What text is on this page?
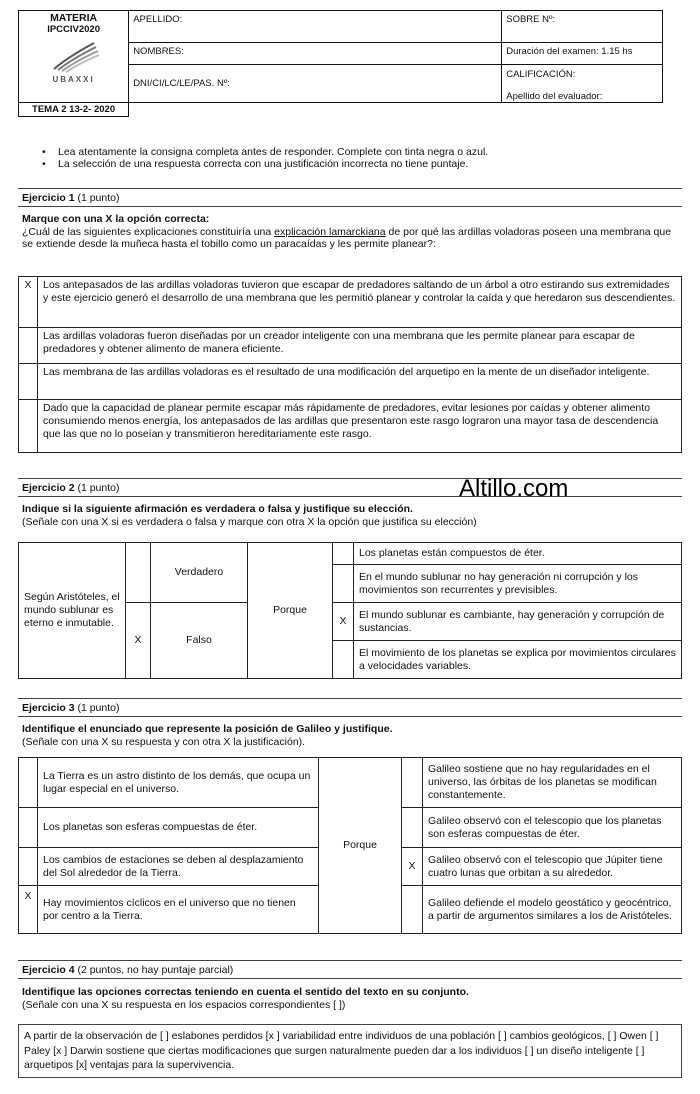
MATERIA
IPCCIV2020
UBAXXI	APELLIDO:	SOBRE Nº:
	NOMBRES:	Duración del examen: 1.15 hs
	DNI/CI/LC/LE/PAS. Nº:	CALIFICACIÓN:
Apellido del evaluador:

TEMA 2 13-2- 2020		
• Lea atentamente la consigna completa antes de responder. Complete con tinta negra o azul.
• La selección de una respuesta correcta con una justificación incorrecta no tiene puntaje.
Ejercicio 1 (1 punto)
Marque con una X la opción correcta:
¿Cuál de las siguientes explicaciones constituiría una explicación lamarckiana de por qué las ardillas voladoras poseen una membrana que se extiende desde la muñeca hasta el tobillo como un paracaídas y les permite planear?:
X	Los antepasados de las ardillas voladoras tuvieron que escapar de predadores saltando de un árbol a otro estirando sus extremidades y este ejercicio generó el desarrollo de una membrana que les permitió planear y controlar la caída y que heredaron sus descendientes.
	Las ardillas voladoras fueron diseñadas por un creador inteligente con una membrana que les permite planear para escapar de predadores y obtener alimento de manera eficiente.
	Las membrana de las ardillas voladoras es el resultado de una modificación del arquetipo en la mente de un diseñador inteligente.
	Dado que la capacidad de planear permite escapar más rápidamente de predadores, evitar lesiones por caídas y obtener alimento consumiendo menos energía, los antepasados de las ardillas que presentaron este rasgo lograron una mayor tasa de descendencia que las que no lo poseían y transmitieron hereditariamente este rasgo.
Ejercicio 2 (1 punto)	Altillo.com
Indique si la siguiente afirmación es verdadera o falsa y justifique su elección.
(Señale con una X si es verdadera o falsa y marque con otra X la opción que justifica su elección)
Según Aristóteles, el mundo sublunar es eterno e inmutable.		Verdadero	Porque		Los planetas están compuestos de éter.
					En el mundo sublunar no hay generación ni corrupción y los movimientos son recurrentes y previsibles.
	X	Falso		X	El mundo sublunar es cambiante, hay generación y corrupción de sustancias.
					El movimiento de los planetas se explica por movimientos circulares a velocidades variables.
Ejercicio 3 (1 punto)
Identifique el enunciado que represente la posición de Galileo y justifique.
(Señale con una X su respuesta y con otra X la justificación).
	La Tierra es un astro distinto de los demás, que ocupa un lugar especial en el universo.	Porque		Galileo sostiene que no hay regularidades en el universo, las órbitas de los planetas se modifican constantemente.
	Los planetas son esferas compuestas de éter.			Galileo observó con el telescopio que los planetas son esferas compuestas de éter.
	Los cambios de estaciones se deben al desplazamiento del Sol alrededor de la Tierra.		X	Galileo observó con el telescopio que Júpiter tiene cuatro lunas que orbitan a su alrededor.
X	Hay movimientos cíclicos en el universo que no tienen por centro a la Tierra.			Galileo defiende el modelo geostático y geocéntrico, a partir de argumentos similares a los de Aristóteles.
Ejercicio 4 (2 puntos, no hay puntaje parcial)
Identifique las opciones correctas teniendo en cuenta el sentido del texto en su conjunto.
(Señale con una X su respuesta en los espacios correspondientes [ ])
A partir de la observación de [ ] eslabones perdidos [x ] variabilidad entre individuos de una población [ ] cambios geológicos, [ ] Owen [ ] Paley [x ] Darwin sostiene que ciertas modificaciones que surgen naturalmente pueden dar a los individuos [ ] un diseño inteligente [ ] arquetipos [x] ventajas para la supervivencia.
